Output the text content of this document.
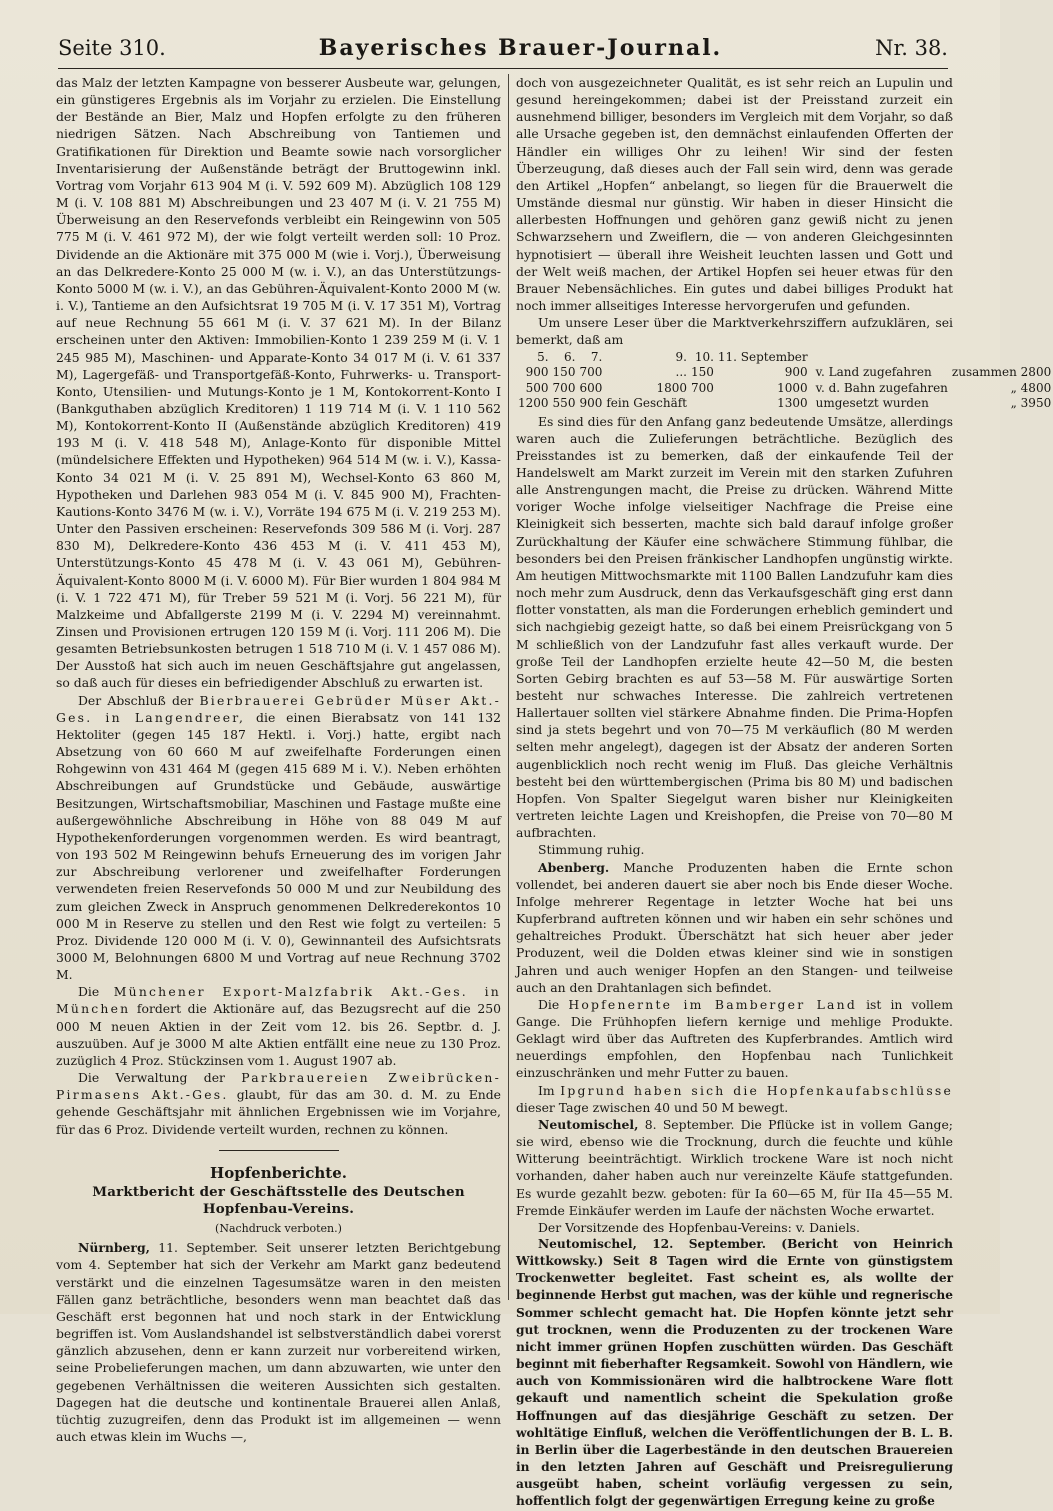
Seite 310.	Bayerisches Brauer-Journal.	Nr. 38.

das Malz der letzten Kampagne von besserer Ausbeute war, gelungen, ein günstigeres Ergebnis als im Vorjahr zu erzielen. Die Einstellung der Bestände an Bier, Malz und Hopfen erfolgte zu den früheren niedrigen Sätzen. Nach Abschreibung von Tantiemen und Gratifikationen für Direktion und Beamte sowie nach vorsorglicher Inventarisierung der Außenstände beträgt der Bruttogewinn inkl. Vortrag vom Vorjahr 613 904 M (i. V. 592 609 M). Abzüglich 108 129 M (i. V. 108 881 M) Abschreibungen und 23 407 M (i. V. 21 755 M) Überweisung an den Reservefonds verbleibt ein Reingewinn von 505 775 M (i. V. 461 972 M), der wie folgt verteilt werden soll: 10 Proz. Dividende an die Aktionäre mit 375 000 M (wie i. Vorj.), Überweisung an das Delkredere-Konto 25 000 M (w. i. V.), an das Unterstützungs-Konto 5000 M (w. i. V.), an das Gebühren-Äquivalent-Konto 2000 M (w. i. V.), Tantieme an den Aufsichtsrat 19 705 M (i. V. 17 351 M), Vortrag auf neue Rechnung 55 661 M (i. V. 37 621 M). In der Bilanz erscheinen unter den Aktiven: Immobilien-Konto 1 239 259 M (i. V. 1 245 985 M), Maschinen- und Apparate-Konto 34 017 M (i. V. 61 337 M), Lagergefäß- und Transportgefäß-Konto, Fuhrwerks- u. Transport-Konto, Utensilien- und Mutungs-Konto je 1 M, Kontokorrent-Konto I (Bankguthaben abzüglich Kreditoren) 1 119 714 M (i. V. 1 110 562 M), Kontokorrent-Konto II (Außenstände abzüglich Kreditoren) 419 193 M (i. V. 418 548 M), Anlage-Konto für disponible Mittel (mündelsichere Effekten und Hypotheken) 964 514 M (w. i. V.), Kassa-Konto 34 021 M (i. V. 25 891 M), Wechsel-Konto 63 860 M, Hypotheken und Darlehen 983 054 M (i. V. 845 900 M), Frachten-Kautions-Konto 3476 M (w. i. V.), Vorräte 194 675 M (i. V. 219 253 M). Unter den Passiven erscheinen: Reservefonds 309 586 M (i. Vorj. 287 830 M), Delkredere-Konto 436 453 M (i. V. 411 453 M), Unterstützungs-Konto 45 478 M (i. V. 43 061 M), Gebühren-Äquivalent-Konto 8000 M (i. V. 6000 M). Für Bier wurden 1 804 984 M (i. V. 1 722 471 M), für Treber 59 521 M (i. Vorj. 56 221 M), für Malzkeime und Abfallgerste 2199 M (i. V. 2294 M) vereinnahmt. Zinsen und Provisionen ertrugen 120 159 M (i. Vorj. 111 206 M). Die gesamten Betriebsunkosten betrugen 1 518 710 M (i. V. 1 457 086 M). Der Ausstoß hat sich auch im neuen Geschäftsjahre gut angelassen, so daß auch für dieses ein befriedigender Abschluß zu erwarten ist.

Der Abschluß der Bierbrauerei Gebrüder Müser Akt.-Ges. in Langendreer, die einen Bierabsatz von 141 132 Hektoliter (gegen 145 187 Hektl. i. Vorj.) hatte, ergibt nach Absetzung von 60 660 M auf zweifelhafte Forderungen einen Rohgewinn von 431 464 M (gegen 415 689 M i. V.). Neben erhöhten Abschreibungen auf Grundstücke und Gebäude, auswärtige Besitzungen, Wirtschaftsmobiliar, Maschinen und Fastage mußte eine außergewöhnliche Abschreibung in Höhe von 88 049 M auf Hypothekenforderungen vorgenommen werden. Es wird beantragt, von 193 502 M Reingewinn behufs Erneuerung des im vorigen Jahr zur Abschreibung verlorener und zweifelhafter Forderungen verwendeten freien Reservefonds 50 000 M und zur Neubildung des zum gleichen Zweck in Anspruch genommenen Delkrederekontos 10 000 M in Reserve zu stellen und den Rest wie folgt zu verteilen: 5 Proz. Dividende 120 000 M (i. V. 0), Gewinnanteil des Aufsichtsrats 3000 M, Belohnungen 6800 M und Vortrag auf neue Rechnung 3702 M.

Die Münchener Export-Malzfabrik Akt.-Ges. in München fordert die Aktionäre auf, das Bezugsrecht auf die 250 000 M neuen Aktien in der Zeit vom 12. bis 26. Septbr. d. J. auszuüben. Auf je 3000 M alte Aktien entfällt eine neue zu 130 Proz. zuzüglich 4 Proz. Stückzinsen vom 1. August 1907 ab.

Die Verwaltung der Parkbrauereien Zweibrücken-Pirmasens Akt.-Ges. glaubt, für das am 30. d. M. zu Ende gehende Geschäftsjahr mit ähnlichen Ergebnissen wie im Vorjahre, für das 6 Proz. Dividende verteilt wurden, rechnen zu können.

Hopfenberichte.
Marktbericht der Geschäftsstelle des Deutschen Hopfenbau-Vereins.
(Nachdruck verboten.)

Nürnberg, 11. September. Seit unserer letzten Berichtgebung vom 4. September hat sich der Verkehr am Markt ganz bedeutend verstärkt und die einzelnen Tagesumsätze waren in den meisten Fällen ganz beträchtliche, besonders wenn man beachtet daß das Geschäft erst begonnen hat und noch stark in der Entwicklung begriffen ist. Vom Auslandshandel ist selbstverständlich dabei vorerst gänzlich abzusehen, denn er kann zurzeit nur vorbereitend wirken, seine Probelieferungen machen, um dann abzuwarten, wie unter den gegebenen Verhältnissen die weiteren Aussichten sich gestalten. Dagegen hat die deutsche und kontinentale Brauerei allen Anlaß, tüchtig zuzugreifen, denn das Produkt ist im allgemeinen — wenn auch etwas klein im Wuchs —,

doch von ausgezeichneter Qualität, es ist sehr reich an Lupulin und gesund hereingekommen; dabei ist der Preisstand zurzeit ein ausnehmend billiger, besonders im Vergleich mit dem Vorjahr, so daß alle Ursache gegeben ist, den demnächst einlaufenden Offerten der Händler ein williges Ohr zu leihen! Wir sind der festen Überzeugung, daß dieses auch der Fall sein wird, denn was gerade den Artikel „Hopfen“ anbelangt, so liegen für die Brauerwelt die Umstände diesmal nur günstig. Wir haben in dieser Hinsicht die allerbesten Hoffnungen und gehören ganz gewiß nicht zu jenen Schwarzsehern und Zweiflern, die — von anderen Gleichgesinnten hypnotisiert — überall ihre Weisheit leuchten lassen und Gott und der Welt weiß machen, der Artikel Hopfen sei heuer etwas für den Brauer Nebensächliches. Ein gutes und dabei billiges Produkt hat noch immer allseitiges Interesse hervorgerufen und gefunden.

Um unsere Leser über die Marktverkehrsziffern aufzuklären, sei bemerkt, daß am

5.	6.	7.	9.	10.	11. September		
900	150	700	...	150	900	v. Land zugefahren	zusammen 2800
500	700	600	1800	700	1000	v. d. Bahn zugefahren	„ 4800
1200	550	900	fein Geschäft		1300	umgesetzt wurden	„ 3950

Es sind dies für den Anfang ganz bedeutende Umsätze, allerdings waren auch die Zulieferungen beträchtliche. Bezüglich des Preisstandes ist zu bemerken, daß der einkaufende Teil der Handelswelt am Markt zurzeit im Verein mit den starken Zufuhren alle Anstrengungen macht, die Preise zu drücken. Während Mitte voriger Woche infolge vielseitiger Nachfrage die Preise eine Kleinigkeit sich besserten, machte sich bald darauf infolge großer Zurückhaltung der Käufer eine schwächere Stimmung fühlbar, die besonders bei den Preisen fränkischer Landhopfen ungünstig wirkte. Am heutigen Mittwochsmarkte mit 1100 Ballen Landzufuhr kam dies noch mehr zum Ausdruck, denn das Verkaufsgeschäft ging erst dann flotter vonstatten, als man die Forderungen erheblich gemindert und sich nachgiebig gezeigt hatte, so daß bei einem Preisrückgang von 5 M schließlich von der Landzufuhr fast alles verkauft wurde. Der große Teil der Landhopfen erzielte heute 42—50 M, die besten Sorten Gebirg brachten es auf 53—58 M. Für auswärtige Sorten besteht nur schwaches Interesse. Die zahlreich vertretenen Hallertauer sollten viel stärkere Abnahme finden. Die Prima-Hopfen sind ja stets begehrt und von 70—75 M verkäuflich (80 M werden selten mehr angelegt), dagegen ist der Absatz der anderen Sorten augenblicklich noch recht wenig im Fluß. Das gleiche Verhältnis besteht bei den württembergischen (Prima bis 80 M) und badischen Hopfen. Von Spalter Siegelgut waren bisher nur Kleinigkeiten vertreten leichte Lagen und Kreishopfen, die Preise von 70—80 M aufbrachten.

Stimmung ruhig.

Abenberg. Manche Produzenten haben die Ernte schon vollendet, bei anderen dauert sie aber noch bis Ende dieser Woche. Infolge mehrerer Regentage in letzter Woche hat bei uns Kupferbrand auftreten können und wir haben ein sehr schönes und gehaltreiches Produkt. Überschätzt hat sich heuer aber jeder Produzent, weil die Dolden etwas kleiner sind wie in sonstigen Jahren und auch weniger Hopfen an den Stangen- und teilweise auch an den Drahtanlagen sich befindet.

Die Hopfenernte im Bamberger Land ist in vollem Gange. Die Frühhopfen liefern kernige und mehlige Produkte. Geklagt wird über das Auftreten des Kupferbrandes. Amtlich wird neuerdings empfohlen, den Hopfenbau nach Tunlichkeit einzuschränken und mehr Futter zu bauen.

Im Ipgrund haben sich die Hopfenkaufabschlüsse dieser Tage zwischen 40 und 50 M bewegt.

Neutomischel, 8. September. Die Pflücke ist in vollem Gange; sie wird, ebenso wie die Trocknung, durch die feuchte und kühle Witterung beeinträchtigt. Wirklich trockene Ware ist noch nicht vorhanden, daher haben auch nur vereinzelte Käufe stattgefunden. Es wurde gezahlt bezw. geboten: für Ia 60—65 M, für IIa 45—55 M. Fremde Einkäufer werden im Laufe der nächsten Woche erwartet.

Der Vorsitzende des Hopfenbau-Vereins: v. Daniels.

Neutomischel, 12. September. (Bericht von Heinrich Wittkowsky.) Seit 8 Tagen wird die Ernte von günstigstem Trockenwetter begleitet. Fast scheint es, als wollte der beginnende Herbst gut machen, was der kühle und regnerische Sommer schlecht gemacht hat. Die Hopfen könnte jetzt sehr gut trocknen, wenn die Produzenten zu der trockenen Ware nicht immer grünen Hopfen zuschütten würden. Das Geschäft beginnt mit fieberhafter Regsamkeit. Sowohl von Händlern, wie auch von Kommissionären wird die halbtrockene Ware flott gekauft und namentlich scheint die Spekulation große Hoffnungen auf das diesjährige Geschäft zu setzen. Der wohltätige Einfluß, welchen die Veröffentlichungen der B. L. B. in Berlin über die Lagerbestände in den deutschen Brauereien in den letzten Jahren auf Geschäft und Preisregulierung ausgeübt haben, scheint vorläufig vergessen zu sein, hoffentlich folgt der gegenwärtigen Erregung keine zu große
